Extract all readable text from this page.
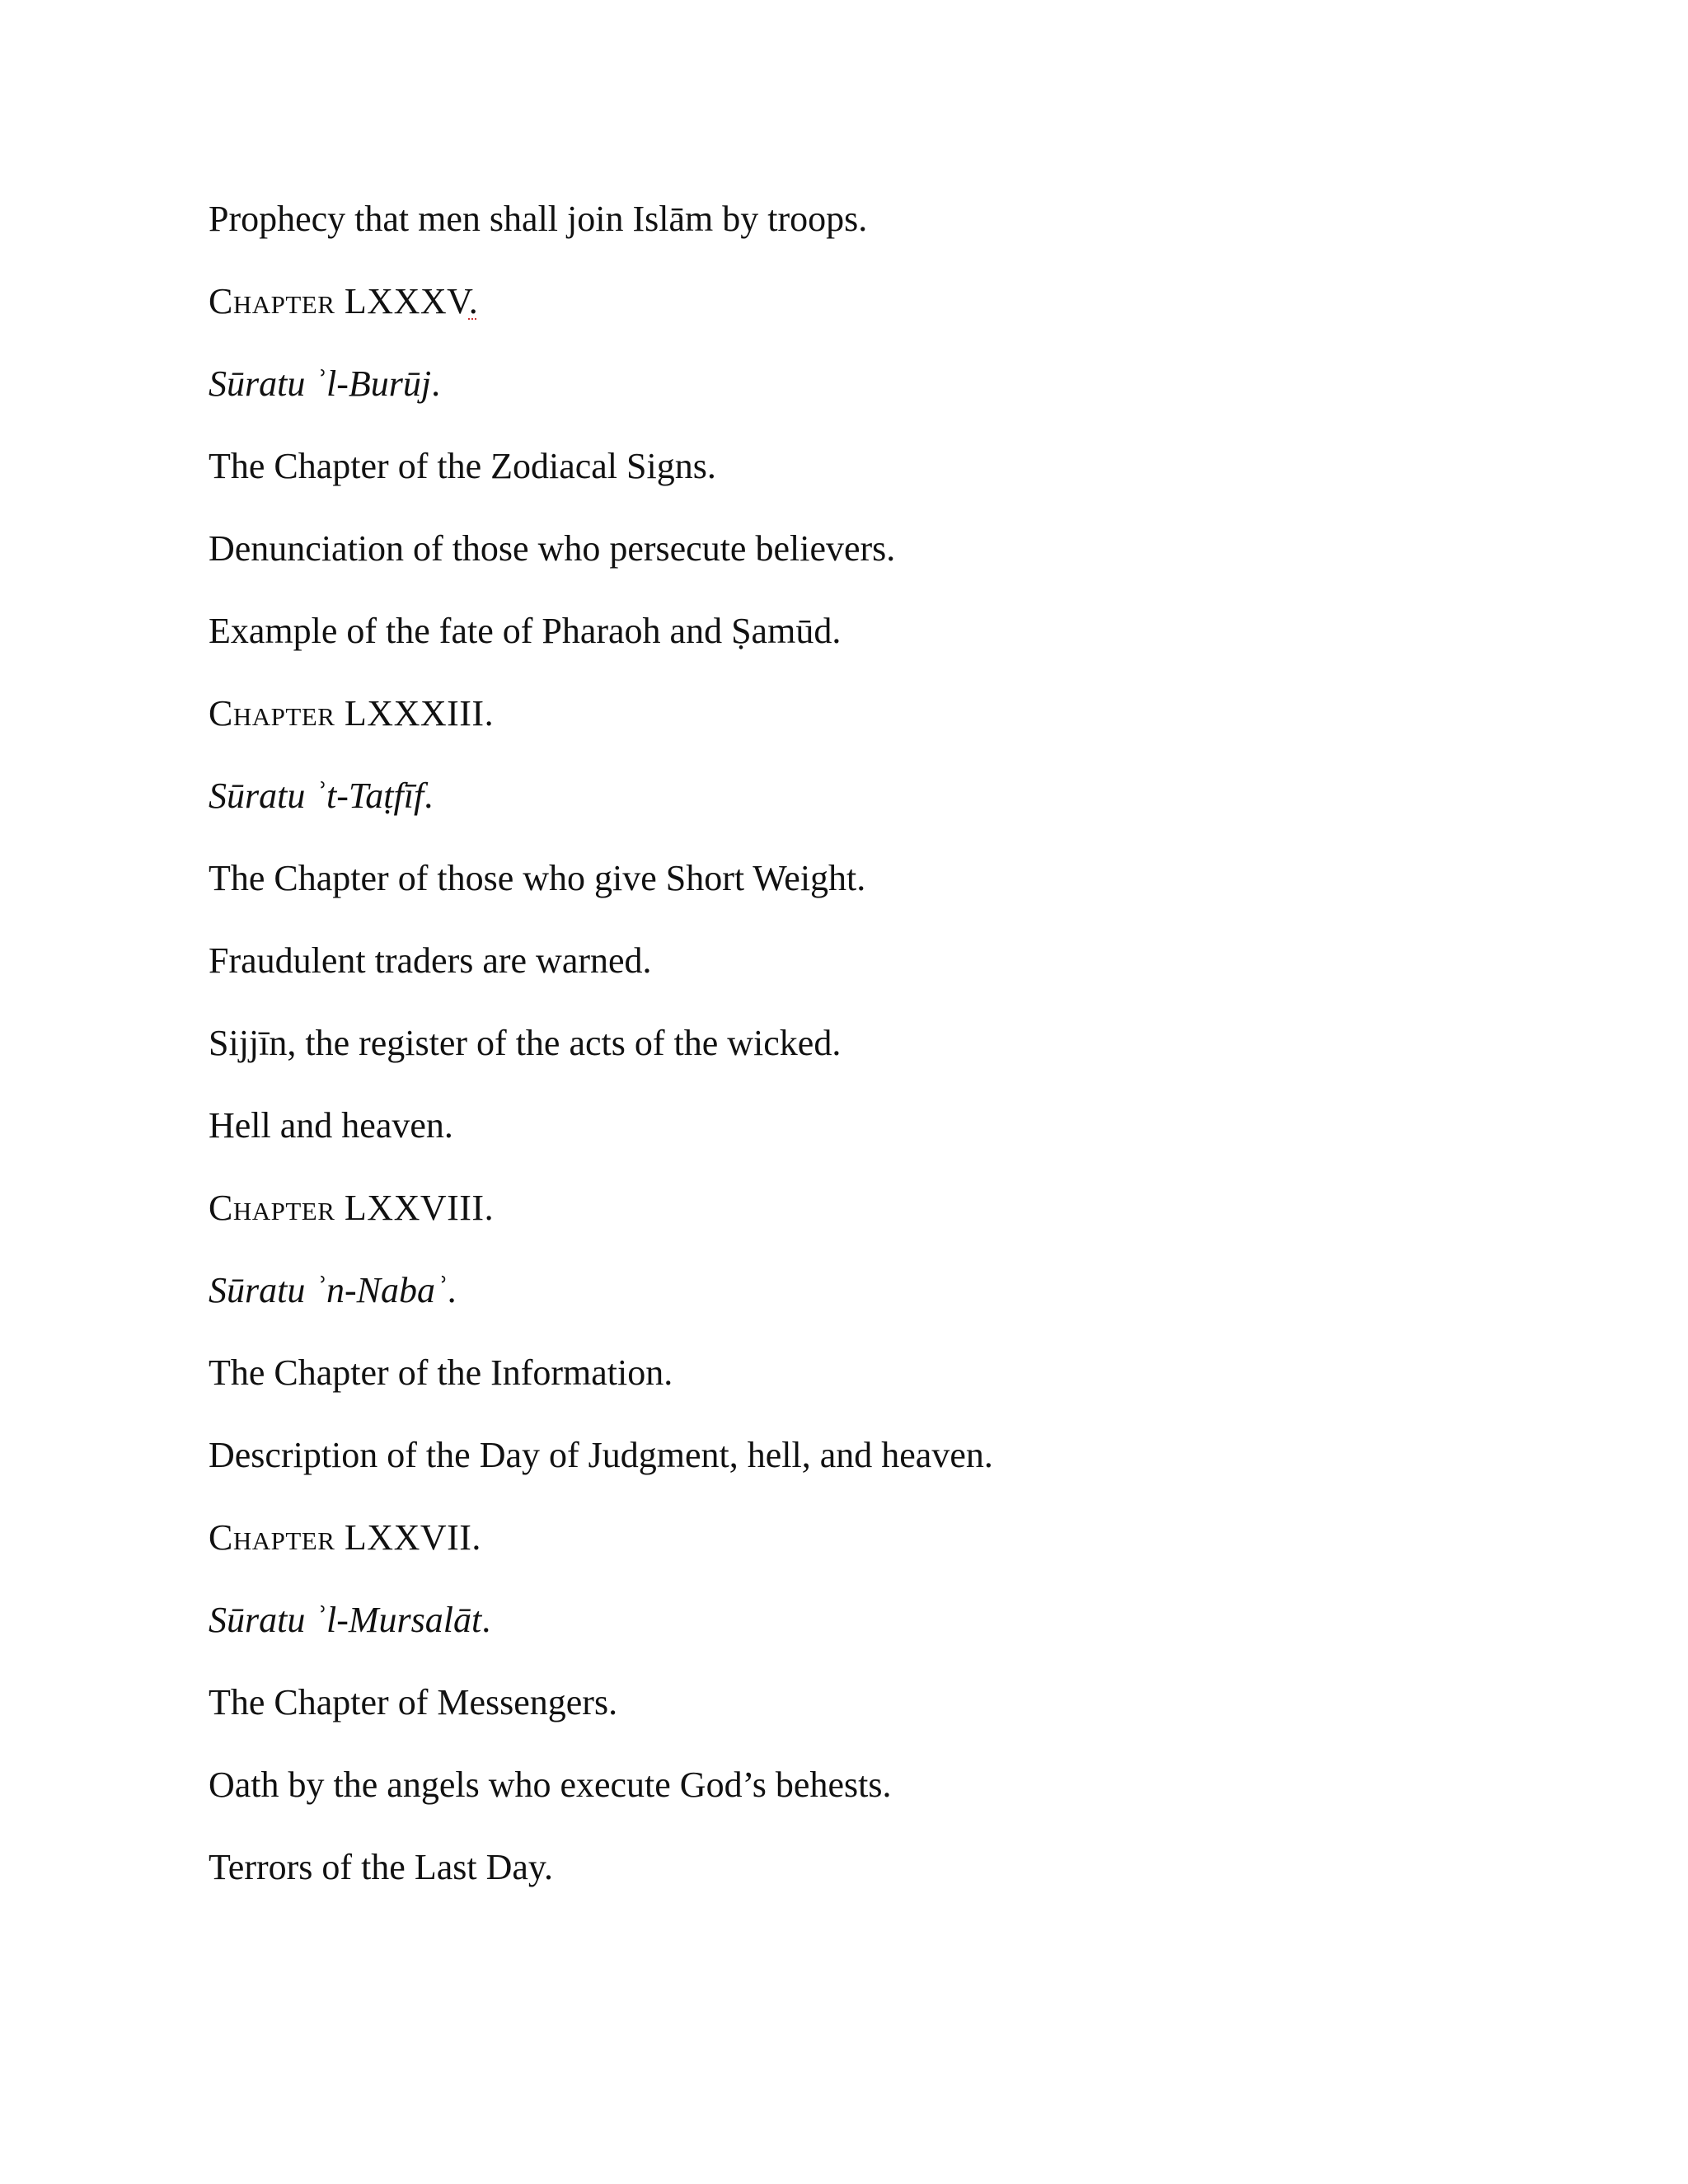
Prophecy that men shall join Islām by troops.

Chapter LXXXV.

Sūratu ʾl-Burūj.

The Chapter of the Zodiacal Signs.

Denunciation of those who persecute believers.

Example of the fate of Pharaoh and Ṣamūd.

Chapter LXXXIII.

Sūratu ʾt-Taṭfīf.

The Chapter of those who give Short Weight.

Fraudulent traders are warned.

Sijjīn, the register of the acts of the wicked.

Hell and heaven.

Chapter LXXVIII.

Sūratu ʾn-Nabaʾ.

The Chapter of the Information.

Description of the Day of Judgment, hell, and heaven.

Chapter LXXVII.

Sūratu ʾl-Mursalāt.

The Chapter of Messengers.

Oath by the angels who execute God’s behests.

Terrors of the Last Day.
